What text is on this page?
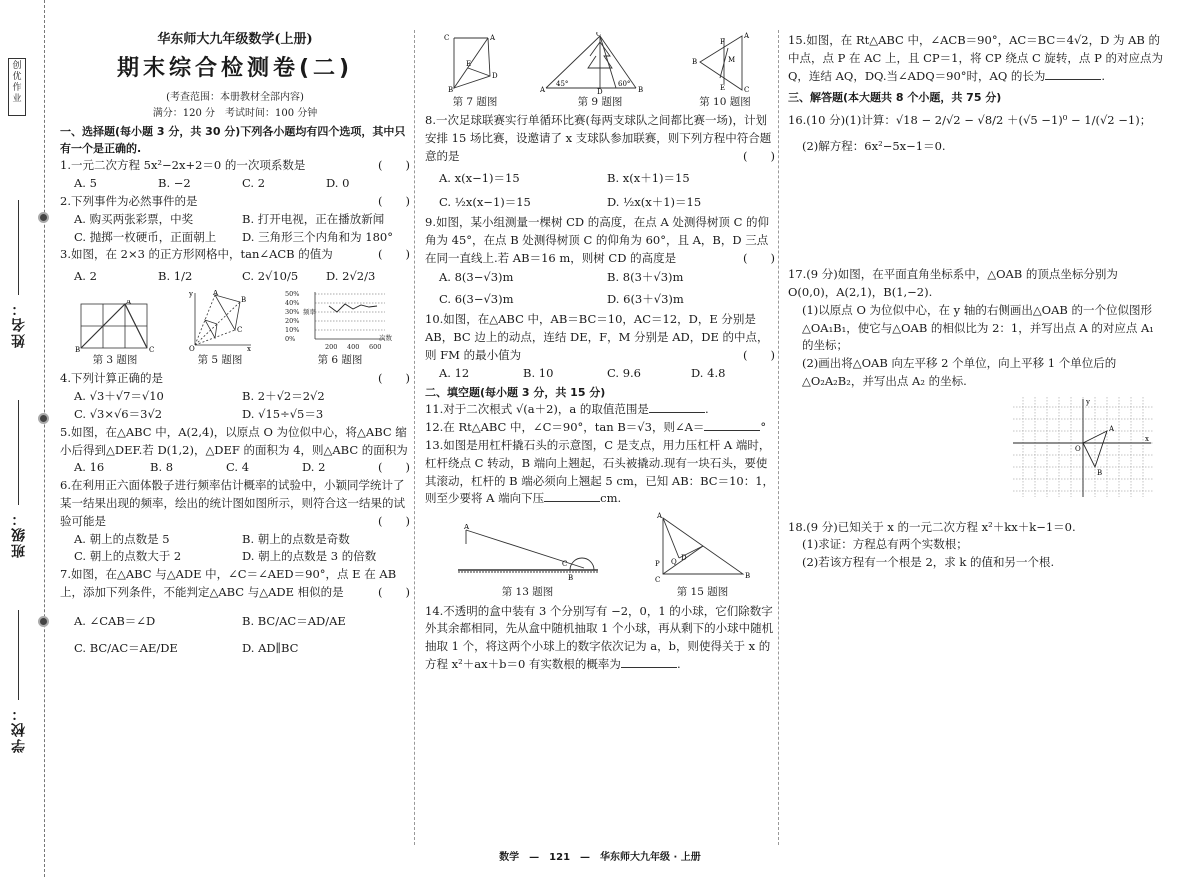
创优作业
姓名：
班级：
学校：
华东师大九年级数学(上册)
期末综合检测卷(二)
(考查范围：本册教材全部内容)
满分：120 分　考试时间：100 分钟

一、选择题(每小题 3 分，共 30 分)下列各小题均有四个选项，其中只有一个是正确的.

1.一元二次方程 5x²−2x+2＝0 的一次项系数是	(　　)

A. 5	B. −2	C. 2	D. 0

2.下列事件为必然事件的是	(　　)

A. 购买两张彩票，中奖	B. 打开电视，正在播放新闻
C. 抛掷一枚硬币，正面朝上	D. 三角形三个内角和为 180°

3.如图，在 2×3 的正方形网格中，tan∠ACB 的值为	(　　)

A. 2	B. 1/2	C. 2√10/5	D. 2√2/3
B	C
A
第 3 题图
y
x
O
A
B
C
第 5 题图
50%
40%
30%
20%
10%
0%
200 400 600
频率
次数
第 6 题图

4.下列计算正确的是	(　　)

A. √3＋√7＝√10	B. 2＋√2＝2√2
C. √3×√6＝3√2	D. √15÷√5＝3

5.如图，在△ABC 中，A(2,4)，以原点 O 为位似中心，将△ABC 缩小后得到△DEF.若 D(1,2)，△DEF 的面积为 4，则△ABC 的面积为
(　　)

A. 16	B. 8	C. 4	D. 2

6.在利用正六面体骰子进行频率估计概率的试验中，小颖同学统计了某一结果出现的频率，绘出的统计图如图所示，则符合这一结果的试验可能是	(　　)

A. 朝上的点数是 5	B. 朝上的点数是奇数
C. 朝上的点数大于 2	D. 朝上的点数是 3 的倍数

7.如图，在△ABC 与△ADE 中，∠C＝∠AED＝90°，点 E 在 AB 上，添加下列条件，不能判定△ABC 与△ADE 相似的是	(　　)

A. ∠CAB＝∠D	B. BC/AC＝AD/AE
C. BC/AC＝AE/DE	D. AD∥BC
C	A
D
B
E
第 7 题图
A
C
D	B
45°	60°
第 9 题图
A
B
C
F
E
M
第 10 题图

8.一次足球联赛实行单循环比赛(每两支球队之间都比赛一场)，计划安排 15 场比赛，设邀请了 x 支球队参加联赛，则下列方程中符合题意的是	(　　)

A. x(x−1)＝15	B. x(x＋1)＝15
C. ½x(x−1)＝15	D. ½x(x＋1)＝15

9.如图，某小组测量一棵树 CD 的高度，在点 A 处测得树顶 C 的仰角为 45°，在点 B 处测得树顶 C 的仰角为 60°，且 A，B，D 三点在同一直线上.若 AB＝16 m，则树 CD 的高度是	(　　)

A. 8(3−√3)m	B. 8(3＋√3)m
C. 6(3−√3)m	D. 6(3＋√3)m

10.如图，在△ABC 中，AB＝BC＝10，AC＝12，D，E 分别是 AB，BC 边上的动点，连结 DE，F，M 分别是 AD，DE 的中点，则 FM 的最小值为	(　　)

A. 12	B. 10	C. 9.6	D. 4.8

二、填空题(每小题 3 分，共 15 分)

11.对于二次根式 √(a＋2)，a 的取值范围是	.

12.在 Rt△ABC 中，∠C＝90°，tan B＝√3，则∠A＝	°

13.如图是用杠杆撬石头的示意图，C 是支点，用力压杠杆 A 端时，杠杆绕点 C 转动，B 端向上翘起，石头被撬动.现有一块石头，要使其滚动，杠杆的 B 端必须向上翘起 5 cm，已知 AB：BC＝10：1，则至少要将 A 端向下压	cm.

A
C
B
第 13 题图
A
B
C
D
P Q
第 15 题图

14.不透明的盒中装有 3 个分别写有 −2，0，1 的小球，它们除数字外其余都相同，先从盒中随机抽取 1 个小球，再从剩下的小球中随机抽取 1 个，将这两个小球上的数字依次记为 a，b，则使得关于 x 的方程 x²＋ax＋b＝0 有实数根的概率为	.

15.如图，在 Rt△ABC 中，∠ACB＝90°，AC＝BC＝4√2，D 为 AB 的中点，点 P 在 AC 上，且 CP＝1，将 CP 绕点 C 旋转，点 P 的对应点为 Q，连结 AQ，DQ.当∠ADQ＝90°时，AQ 的长为	.

三、解答题(本大题共 8 个小题，共 75 分)

16.(10 分)(1)计算：√18 − 2/√2 − √8/2 ＋(√5 −1)⁰ − 1/(√2 −1)；

(2)解方程：6x²−5x−1＝0.

17.(9 分)如图，在平面直角坐标系中，△OAB 的顶点坐标分别为 O(0,0)，A(2,1)，B(1,−2).

(1)以原点 O 为位似中心，在 y 轴的右侧画出△OAB 的一个位似图形△OA₁B₁，使它与△OAB 的相似比为 2：1，并写出点 A 的对应点 A₁ 的坐标；

(2)画出将△OAB 向左平移 2 个单位，向上平移 1 个单位后的△O₂A₂B₂，并写出点 A₂ 的坐标.

y
x
O
A
B

18.(9 分)已知关于 x 的一元二次方程 x²＋kx＋k−1＝0.

(1)求证：方程总有两个实数根；

(2)若该方程有一个根是 2，求 k 的值和另一个根.

数学　—　121　—　华东师大九年级 · 上册
